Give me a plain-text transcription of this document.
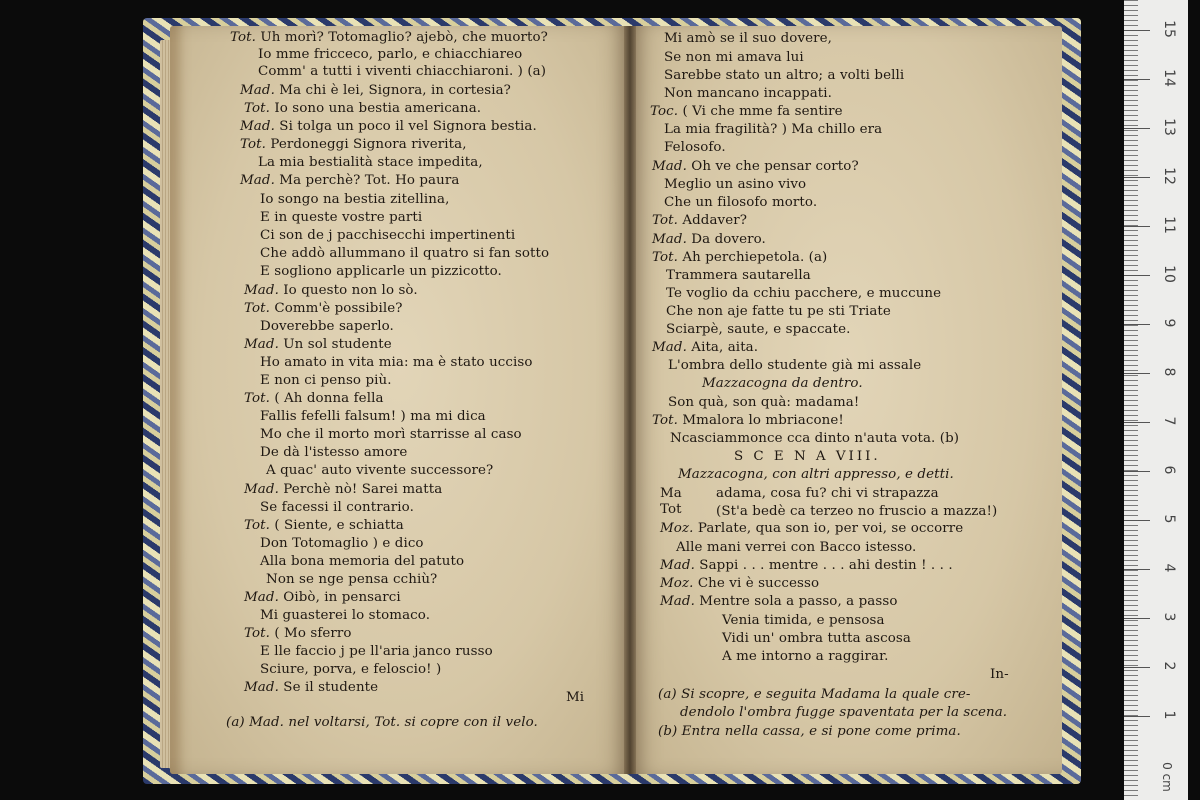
Tot. Uh morì? Totomaglio? ajebò, che muorto?
Io mme fricceco, parlo, e chiacchiareo
Comm' a tutti i viventi chiacchiaroni. ) (a)
Mad. Ma chi è lei, Signora, in cortesia?
Tot. Io sono una bestia americana.
Mad. Si tolga un poco il vel Signora bestia.
Tot. Perdoneggi Signora riverita,
La mia bestialità stace impedita,
Mad. Ma perchè? Tot. Ho paura
Io songo na bestia zitellina,
E in queste vostre parti
Ci son de j pacchisecchi impertinenti
Che addò allummano il quatro si fan sotto
E sogliono applicarle un pizzicotto.
Mad. Io questo non lo sò.
Tot. Comm'è possibile?
Doverebbe saperlo.
Mad. Un sol studente
Ho amato in vita mia: ma è stato ucciso
E non ci penso più.
Tot. ( Ah donna fella
Fallis fefelli falsum! ) ma mi dica
Mo che il morto morì starrisse al caso
De dà l'istesso amore
A quac' auto vivente successore?
Mad. Perchè nò! Sarei matta
Se facessi il contrario.
Tot. ( Siente, e schiatta
Don Totomaglio ) e dico
Alla bona memoria del patuto
Non se nge pensa cchiù?
Mad. Oibò, in pensarci
Mi guasterei lo stomaco.
Tot. ( Mo sferro
E lle faccio j pe ll'aria janco russo
Sciure, porva, e feloscio! )
Mad. Se il studente
Mi
(a) Mad. nel voltarsi, Tot. si copre con il velo.
Mi amò se il suo dovere,
Se non mi amava lui
Sarebbe stato un altro; a volti belli
Non mancano incappati.
Toc. ( Vi che mme fa sentire
La mia fragilità? ) Ma chillo era
Felosofo.
Mad. Oh ve che pensar corto?
Meglio un asino vivo
Che un filosofo morto.
Tot. Addaver?
Mad. Da dovero.
Tot. Ah perchiepetola. (a)
Trammera sautarella
Te voglio da cchiu pacchere, e muccune
Che non aje fatte tu pe sti Triate
Sciarpè, saute, e spaccate.
Mad. Aita, aita.
L'ombra dello studente già mi assale
Mazzacogna da dentro.
Son quà, son quà: madama!
Tot. Mmalora lo mbriacone!
Ncasciammonce cca dinto n'auta vota. (b)
S C E N A VIII.
Mazzacogna, con altri appresso, e detti.
Ma
Tot
adama, cosa fu? chi vi strapazza
(St'a bedè ca terzeo no fruscio a mazza!)
Moz. Parlate, qua son io, per voi, se occorre
Alle mani verrei con Bacco istesso.
Mad. Sappi . . . mentre . . . ahi destin ! . . .
Moz. Che vi è successo
Mad. Mentre sola a passo, a passo
Venia timida, e pensosa
Vidi un' ombra tutta ascosa
A me intorno a raggirar.
In-
(a) Si scopre, e seguita Madama la quale cre-
dendolo l'ombra fugge spaventata per la scena.
(b) Entra nella cassa, e si pone come prima.
0 cm
15
14
13
12
11
10
9
8
7
6
5
4
3
2
1
